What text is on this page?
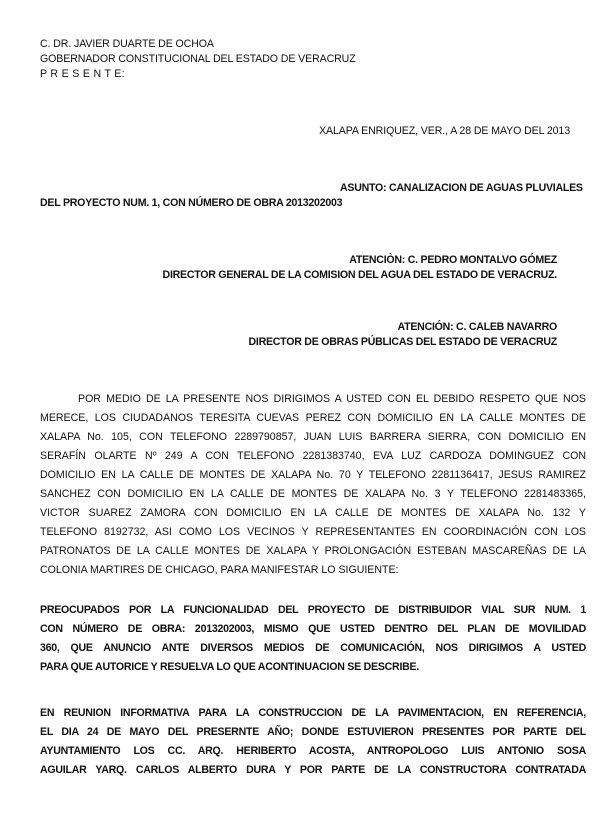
C. DR. JAVIER DUARTE DE OCHOA
GOBERNADOR CONSTITUCIONAL DEL ESTADO DE VERACRUZ
P R E S E N T E:
XALAPA ENRIQUEZ, VER., A 28 DE MAYO DEL 2013
ASUNTO: CANALIZACION DE AGUAS PLUVIALES
DEL PROYECTO NUM. 1, CON NÚMERO DE OBRA 2013202003
ATENCIÒN: C. PEDRO MONTALVO GÓMEZ
DIRECTOR GENERAL DE LA COMISION DEL AGUA DEL ESTADO DE VERACRUZ.
ATENCIÓN: C. CALEB NAVARRO
DIRECTOR DE OBRAS PÚBLICAS DEL ESTADO DE VERACRUZ
POR MEDIO DE LA PRESENTE NOS DIRIGIMOS A USTED CON EL DEBIDO RESPETO QUE NOS
MERECE, LOS CIUDADANOS TERESITA CUEVAS PEREZ CON DOMICILIO EN LA CALLE MONTES DE
XALAPA No. 105, CON TELEFONO 2289790857, JUAN LUIS BARRERA SIERRA, CON DOMICILIO EN
SERAFÍN OLARTE Nº 249 A CON TELEFONO 2281383740, EVA LUZ CARDOZA DOMINGUEZ CON
DOMICILIO EN LA CALLE DE MONTES DE XALAPA No. 70 Y TELEFONO 2281136417, JESUS RAMIREZ
SANCHEZ CON DOMICILIO EN LA CALLE DE MONTES DE XALAPA No. 3 Y TELEFONO 2281483365,
VICTOR SUAREZ ZAMORA CON DOMICILIO EN LA CALLE DE MONTES DE XALAPA No. 132 Y
TELEFONO 8192732, ASI COMO LOS VECINOS Y REPRESENTANTES EN COORDINACIÓN CON LOS
PATRONATOS DE LA CALLE MONTES DE XALAPA Y PROLONGACIÓN ESTEBAN MASCAREÑAS DE LA
COLONIA MARTIRES DE CHICAGO, PARA MANIFESTAR LO SIGUIENTE:
PREOCUPADOS POR LA FUNCIONALIDAD DEL PROYECTO DE DISTRIBUIDOR VIAL SUR NUM. 1
CON NÚMERO DE OBRA: 2013202003, MISMO QUE USTED DENTRO DEL PLAN DE MOVILIDAD
360, QUE ANUNCIO ANTE DIVERSOS MEDIOS DE COMUNICACIÓN, NOS DIRIGIMOS A USTED
PARA QUE AUTORICE Y RESUELVA LO QUE ACONTINUACION SE DESCRIBE.
EN REUNION INFORMATIVA PARA LA CONSTRUCCION DE LA PAVIMENTACION, EN REFERENCIA,
EL DIA 24 DE MAYO DEL PRESERNTE AÑO; DONDE ESTUVIERON PRESENTES POR PARTE DEL
AYUNTAMIENTO LOS CC. ARQ. HERIBERTO ACOSTA, ANTROPOLOGO LUIS ANTONIO SOSA
AGUILAR YARQ. CARLOS ALBERTO DURA Y POR PARTE DE LA CONSTRUCTORA CONTRATADA
